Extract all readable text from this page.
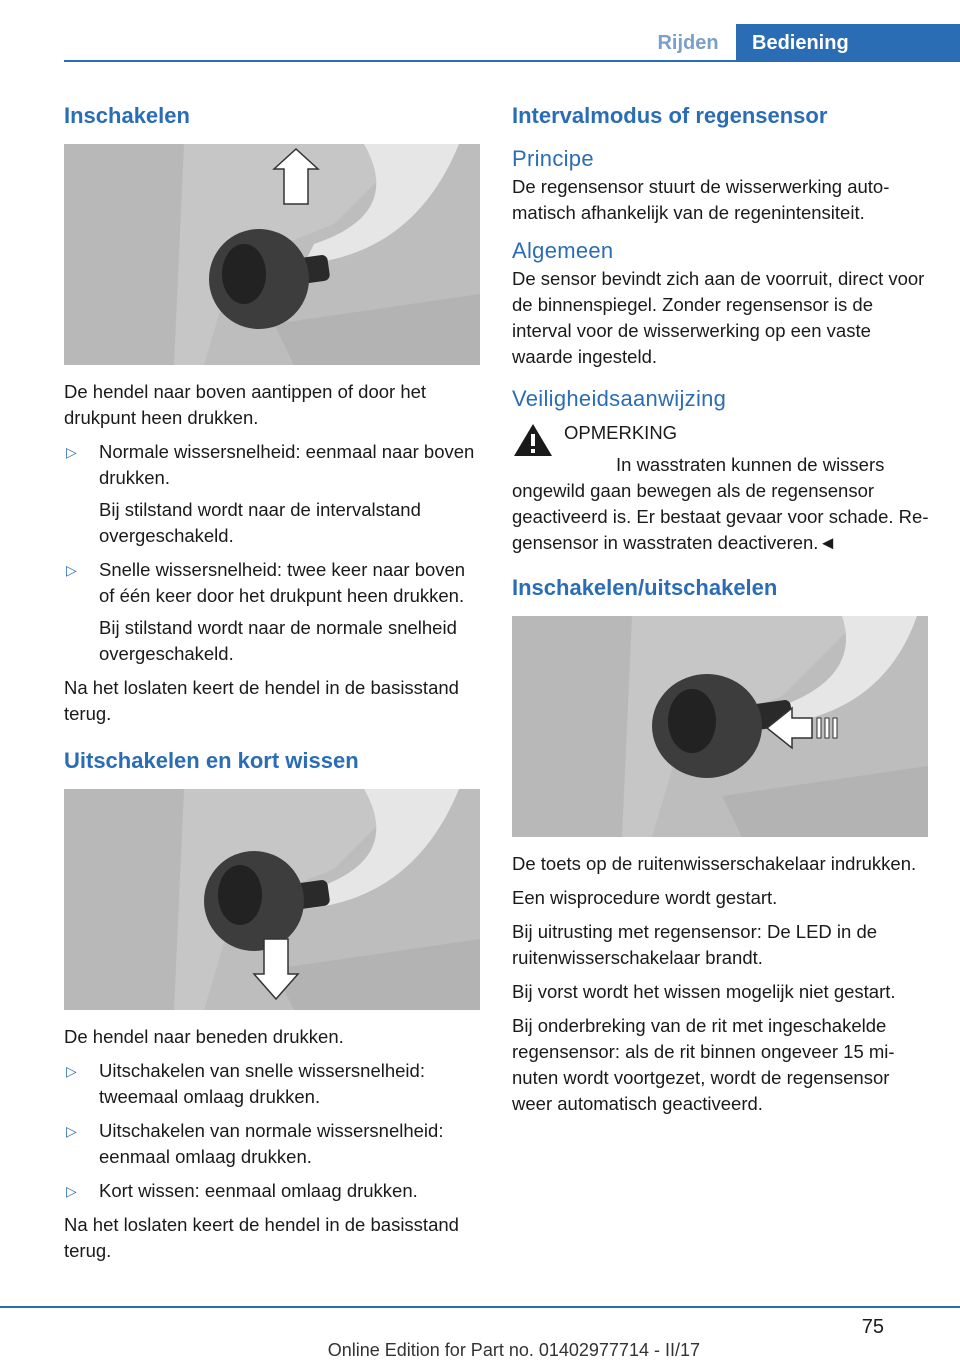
Rijden	Bediening
Inschakelen

De hendel naar boven aantippen of door het drukpunt heen drukken.

▷ Normale wissersnelheid: eenmaal naar boven drukken.

Bij stilstand wordt naar de intervalstand overgeschakeld.

▷ Snelle wissersnelheid: twee keer naar boven of één keer door het drukpunt heen drukken.

Bij stilstand wordt naar de normale snelheid overgeschakeld.

Na het loslaten keert de hendel in de basisstand terug.

Uitschakelen en kort wissen

De hendel naar beneden drukken.

▷ Uitschakelen van snelle wissersnelheid: tweemaal omlaag drukken.
▷ Uitschakelen van normale wissersnelheid: eenmaal omlaag drukken.
▷ Kort wissen: eenmaal omlaag drukken.

Na het loslaten keert de hendel in de basisstand terug.

Intervalmodus of regensensor
Principe

De regensensor stuurt de wisserwerking automatisch afhankelijk van de regenintensiteit.

Algemeen

De sensor bevindt zich aan de voorruit, direct voor de binnenspiegel. Zonder regensensor is de interval voor de wisserwerking op een vaste waarde ingesteld.

Veiligheidsaanwijzing
OPMERKING

In wasstraten kunnen de wissers ongewild gaan bewegen als de regensensor geactiveerd is. Er bestaat gevaar voor schade. Regensensor in wasstraten deactiveren.◄

Inschakelen/uitschakelen

De toets op de ruitenwisserschakelaar indrukken.

Een wisprocedure wordt gestart.

Bij uitrusting met regensensor: De LED in de ruitenwisserschakelaar brandt.

Bij vorst wordt het wissen mogelijk niet gestart.

Bij onderbreking van de rit met ingeschakelde regensensor: als de rit binnen ongeveer 15 minuten wordt voortgezet, wordt de regensensor weer automatisch geactiveerd.

75
Online Edition for Part no. 01402977714 - II/17
